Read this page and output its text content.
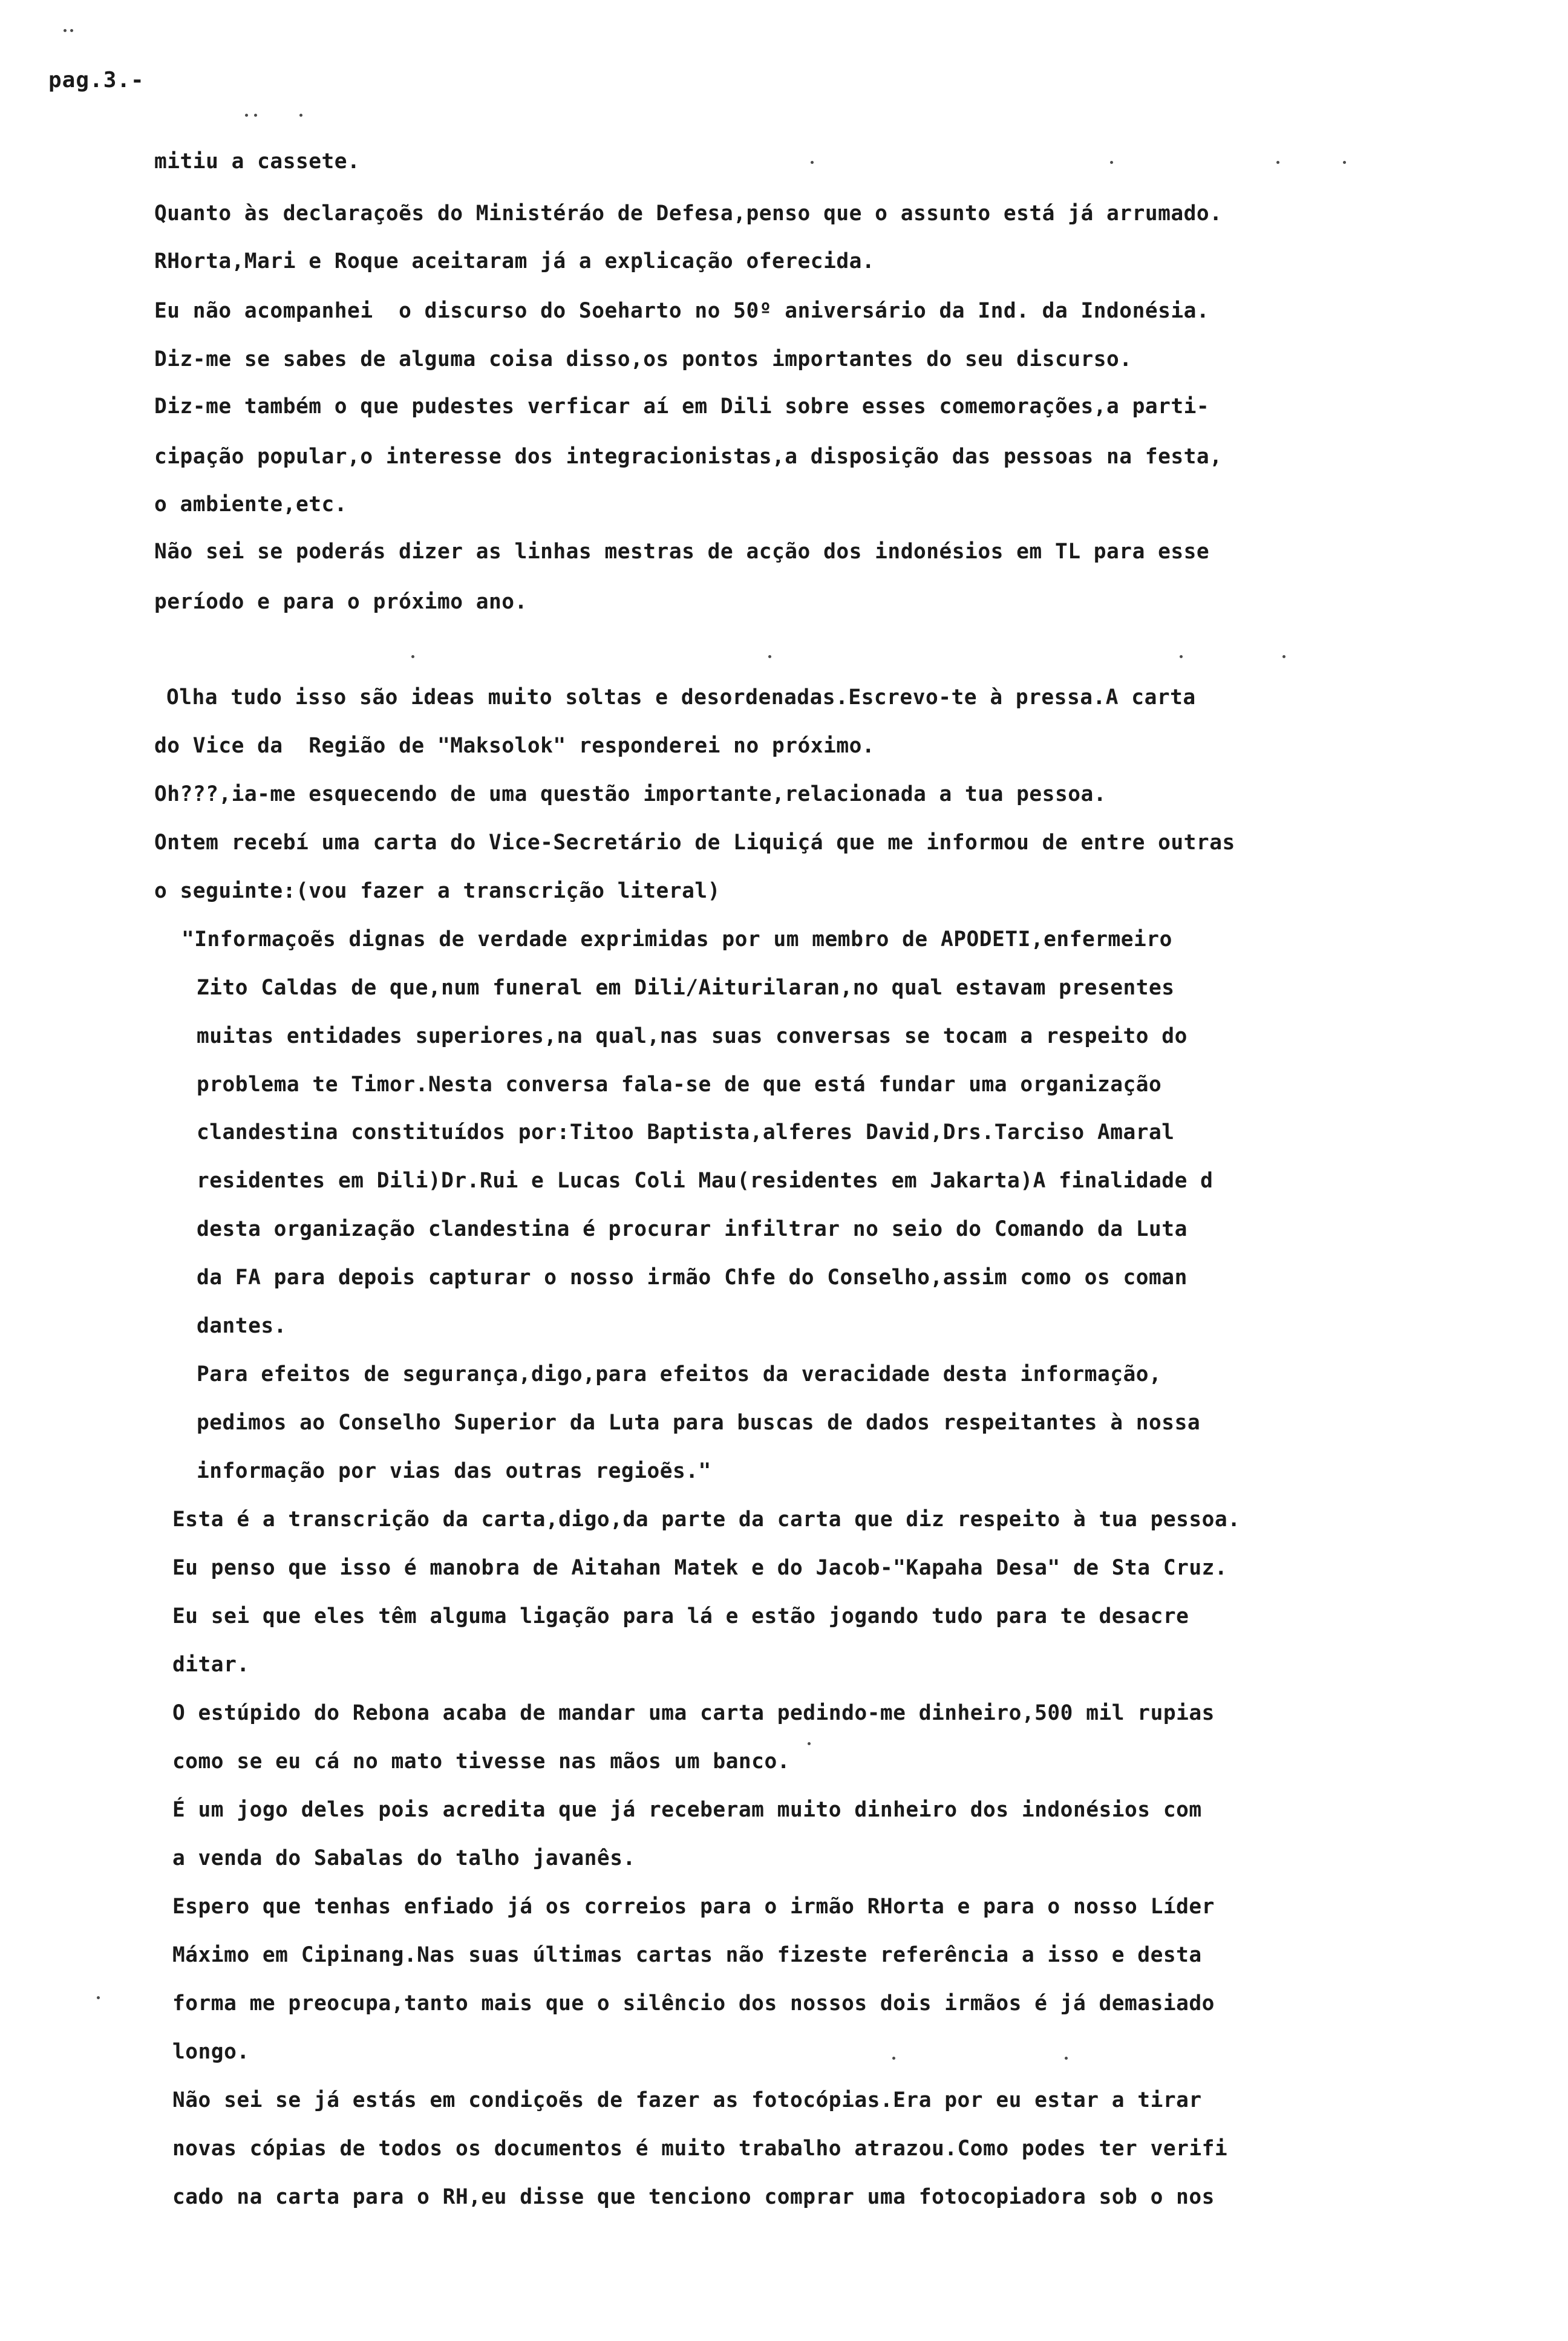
pag.3.-
mitiu a cassete.
Quanto às declaraçoẽs do Ministéráo de Defesa,penso que o assunto está já arrumado.
RHorta,Mari e Roque aceitaram já a explicação oferecida.
Eu não acompanhei  o discurso do Soeharto no 50º aniversário da Ind. da Indonésia.
Diz-me se sabes de alguma coisa disso,os pontos importantes do seu discurso.
Diz-me também o que pudestes verficar aí em Dili sobre esses comemorações,a parti-
cipação popular,o interesse dos integracionistas,a disposição das pessoas na festa,
o ambiente,etc.
Não sei se poderás dizer as linhas mestras de acção dos indonésios em TL para esse
período e para o próximo ano.
Olha tudo isso são ideas muito soltas e desordenadas.Escrevo-te à pressa.A carta
do Vice da  Região de "Maksolok" responderei no próximo.
Oh???,ia-me esquecendo de uma questão importante,relacionada a tua pessoa.
Ontem recebí uma carta do Vice-Secretário de Liquiçá que me informou de entre outras
o seguinte:(vou fazer a transcrição literal)
"Informaçoẽs dignas de verdade exprimidas por um membro de APODETI,enfermeiro
Zito Caldas de que,num funeral em Dili/Aiturilaran,no qual estavam presentes
muitas entidades superiores,na qual,nas suas conversas se tocam a respeito do
problema te Timor.Nesta conversa fala-se de que está fundar uma organização
clandestina constituídos por:Titoo Baptista,alferes David,Drs.Tarciso Amaral
residentes em Dili)Dr.Rui e Lucas Coli Mau(residentes em Jakarta)A finalidade d
desta organização clandestina é procurar infiltrar no seio do Comando da Luta
da FA para depois capturar o nosso irmão Chfe do Conselho,assim como os coman
dantes.
Para efeitos de segurança,digo,para efeitos da veracidade desta informação,
pedimos ao Conselho Superior da Luta para buscas de dados respeitantes à nossa
informação por vias das outras regioẽs."
Esta é a transcrição da carta,digo,da parte da carta que diz respeito à tua pessoa.
Eu penso que isso é manobra de Aitahan Matek e do Jacob-"Kapaha Desa" de Sta Cruz.
Eu sei que eles têm alguma ligação para lá e estão jogando tudo para te desacre
ditar.
O estúpido do Rebona acaba de mandar uma carta pedindo-me dinheiro,500 mil rupias
como se eu cá no mato tivesse nas mãos um banco.
É um jogo deles pois acredita que já receberam muito dinheiro dos indonésios com
a venda do Sabalas do talho javanês.
Espero que tenhas enfiado já os correios para o irmão RHorta e para o nosso Líder
Máximo em Cipinang.Nas suas últimas cartas não fizeste referência a isso e desta
forma me preocupa,tanto mais que o silêncio dos nossos dois irmãos é já demasiado
longo.
Não sei se já estás em condiçoẽs de fazer as fotocópias.Era por eu estar a tirar
novas cópias de todos os documentos é muito trabalho atrazou.Como podes ter verifi
cado na carta para o RH,eu disse que tenciono comprar uma fotocopiadora sob o nos
